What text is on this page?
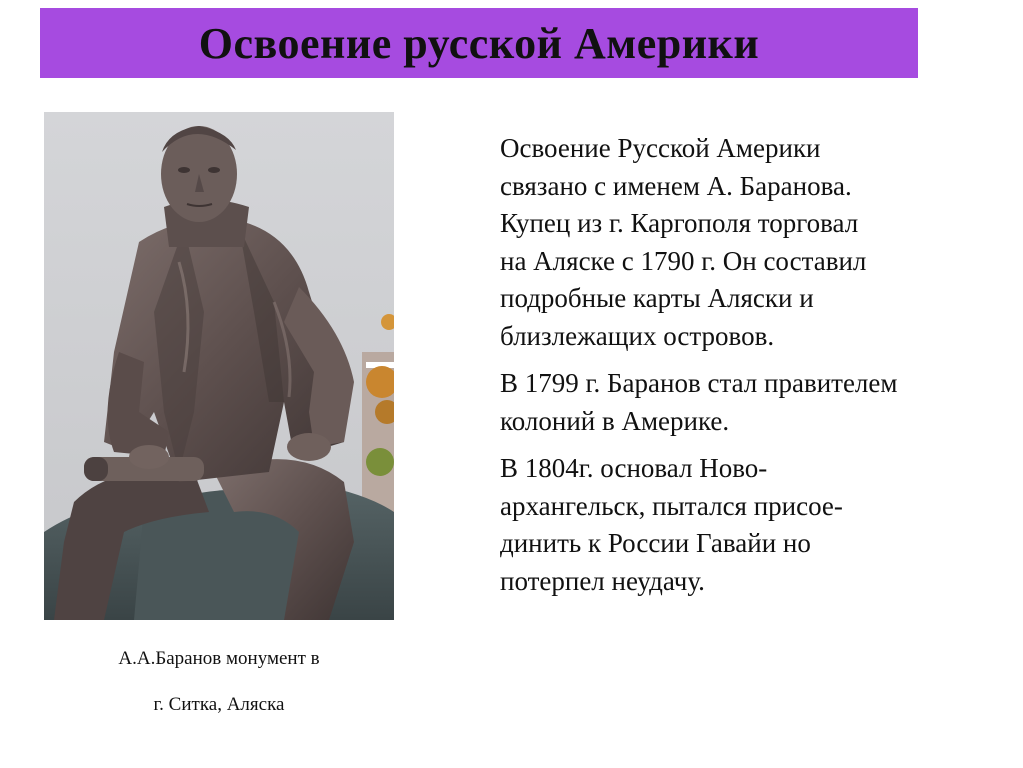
Освоение русской Америки
А.А.Баранов монумент в
г. Ситка, Аляска

Освоение Русской Америки
связано с именем А. Баранова.
Купец из г. Каргополя торговал
на Аляске с 1790 г. Он составил
подробные карты Аляски и
близлежащих островов.

В 1799 г. Баранов стал правителем
колоний в Америке.

В 1804г. основал Ново-
архангельск, пытался присое-
динить к России Гавайи но
потерпел неудачу.
